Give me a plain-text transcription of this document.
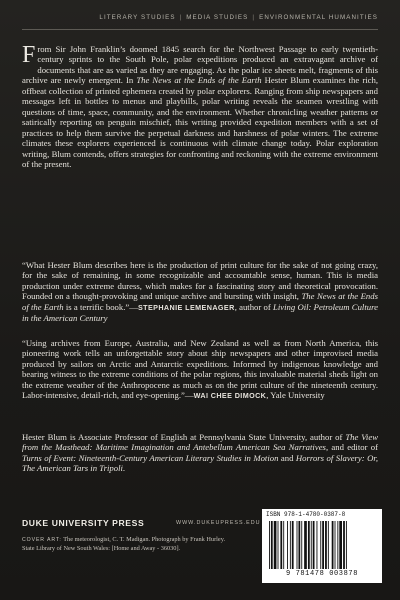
LITERARY STUDIES | MEDIA STUDIES | ENVIRONMENTAL HUMANITIES
From Sir John Franklin’s doomed 1845 search for the Northwest Passage to early twentieth-century sprints to the South Pole, polar expeditions produced an extravagant archive of documents that are as varied as they are engaging. As the polar ice sheets melt, fragments of this archive are newly emergent. In The News at the Ends of the Earth Hester Blum examines the rich, offbeat collection of printed ephemera created by polar explorers. Ranging from ship newspapers and messages left in bottles to menus and playbills, polar writing reveals the seamen wrestling with questions of time, space, community, and the environment. Whether chronicling weather patterns or satirically reporting on penguin mischief, this writing provided expedition members with a set of practices to help them survive the perpetual darkness and harshness of polar winters. The extreme climates these explorers experienced is continuous with climate change today. Polar exploration writing, Blum contends, offers strategies for confronting and reckoning with the extreme environment of the present.
“What Hester Blum describes here is the production of print culture for the sake of not going crazy, for the sake of remaining, in some recognizable and accountable sense, human. This is media production under extreme duress, which makes for a fascinating story and theoretical provocation. Founded on a thought-provoking and unique archive and bursting with insight, The News at the Ends of the Earth is a terrific book.”—STEPHANIE LEMENAGER, author of Living Oil: Petroleum Culture in the American Century
“Using archives from Europe, Australia, and New Zealand as well as from North America, this pioneering work tells an unforgettable story about ship newspapers and other improvised media produced by sailors on Arctic and Antarctic expeditions. Informed by indigenous knowledge and bearing witness to the extreme conditions of the polar regions, this invaluable material sheds light on the extreme weather of the Anthropocene as much as on the print culture of the nineteenth century. Labor-intensive, detail-rich, and eye-opening.”—WAI CHEE DIMOCK, Yale University
Hester Blum is Associate Professor of English at Pennsylvania State University, author of The View from the Masthead: Maritime Imagination and Antebellum American Sea Narratives, and editor of Turns of Event: Nineteenth-Century American Literary Studies in Motion and Horrors of Slavery: Or, The American Tars in Tripoli.
DUKE UNIVERSITY PRESS	WWW.DUKEUPRESS.EDU
COVER ART: The meteorologist, C. T. Madigan. Photograph by Frank Hurley. State Library of New South Wales: [Home and Away - 36030].
ISBN 978-1-4780-0387-8
9 781478 003878
